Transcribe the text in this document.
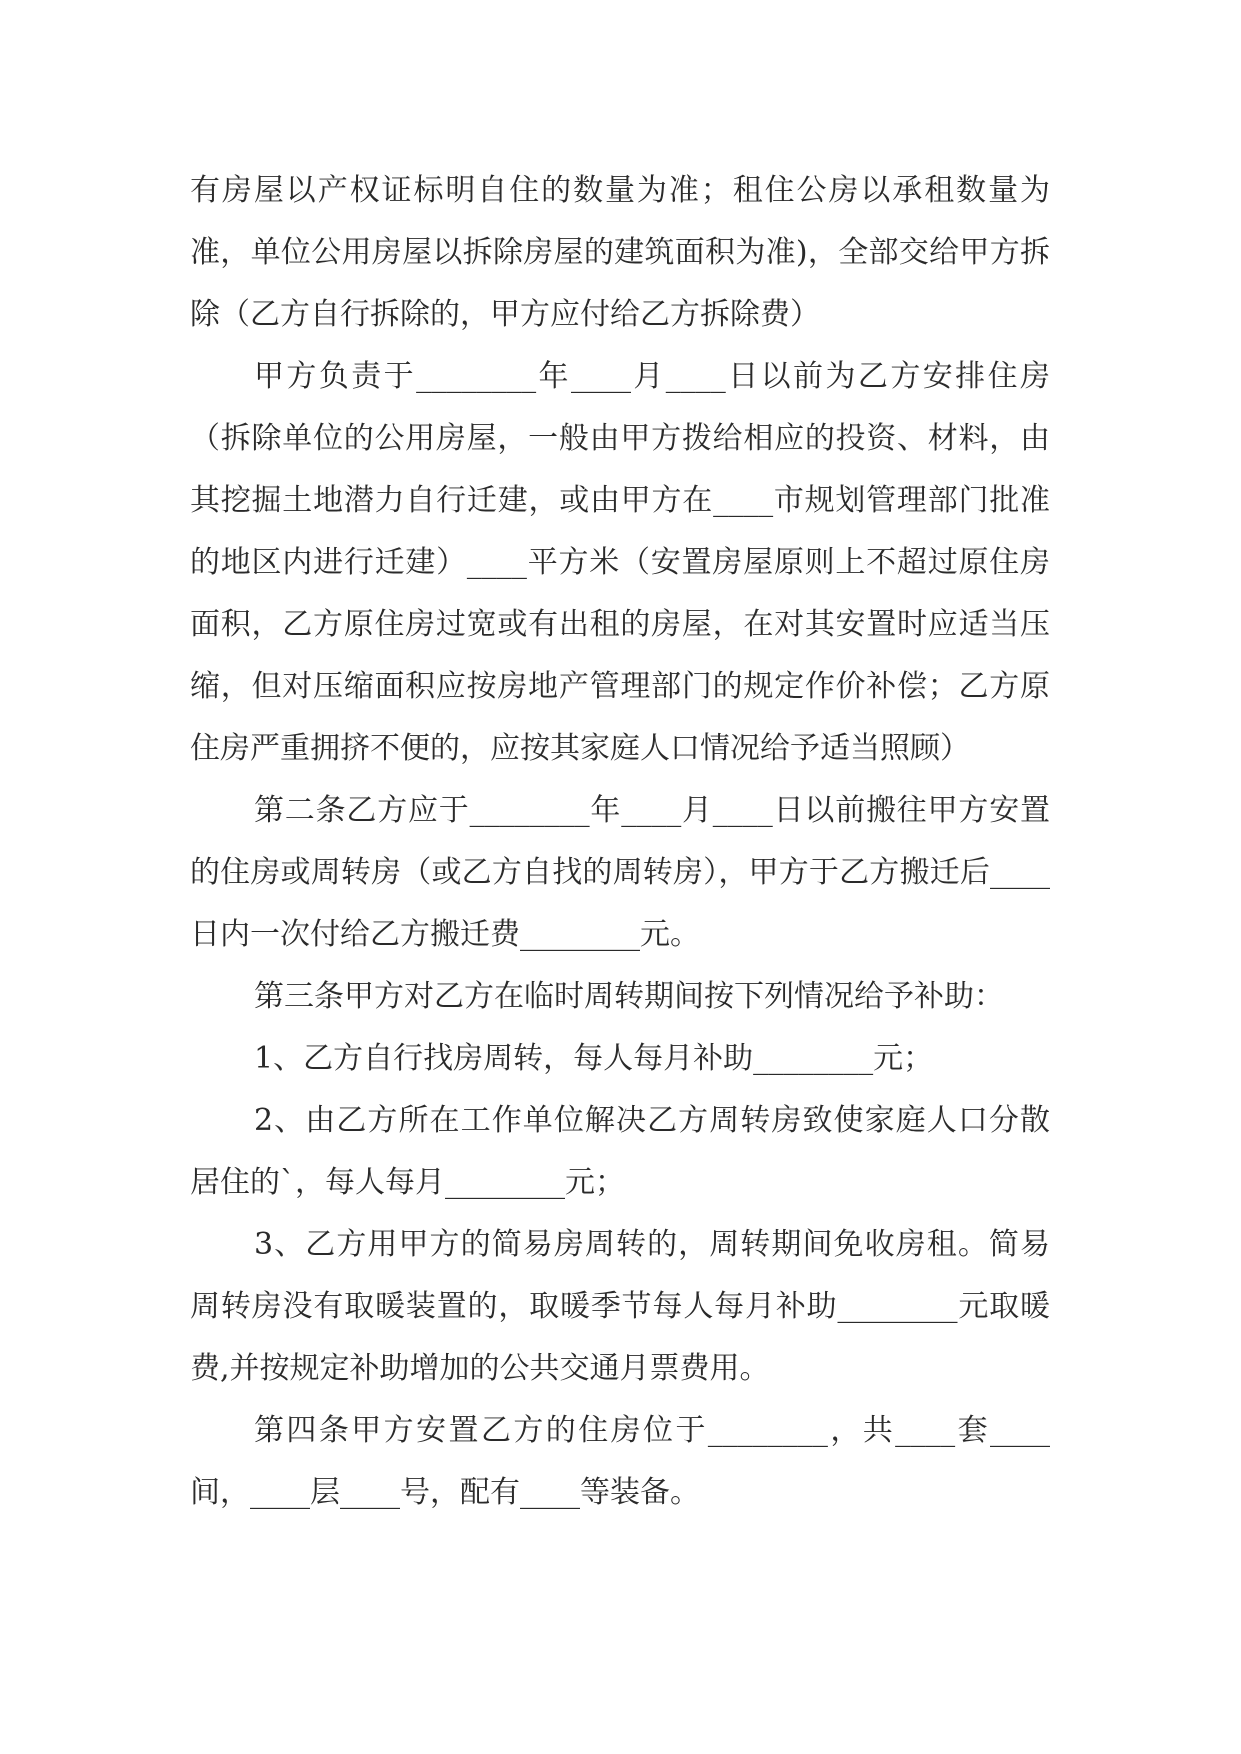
有房屋以产权证标明自住的数量为准；租住公房以承租数量为准，单位公用房屋以拆除房屋的建筑面积为准)，全部交给甲方拆除（乙方自行拆除的，甲方应付给乙方拆除费）

甲方负责于________年____月____日以前为乙方安排住房（拆除单位的公用房屋，一般由甲方拨给相应的投资、材料，由其挖掘土地潜力自行迁建，或由甲方在____市规划管理部门批准的地区内进行迁建）____平方米（安置房屋原则上不超过原住房面积，乙方原住房过宽或有出租的房屋，在对其安置时应适当压缩，但对压缩面积应按房地产管理部门的规定作价补偿；乙方原住房严重拥挤不便的，应按其家庭人口情况给予适当照顾）

第二条乙方应于________年____月____日以前搬往甲方安置的住房或周转房（或乙方自找的周转房），甲方于乙方搬迁后____日内一次付给乙方搬迁费________元。

第三条甲方对乙方在临时周转期间按下列情况给予补助：

1、乙方自行找房周转，每人每月补助________元；

2、由乙方所在工作单位解决乙方周转房致使家庭人口分散居住的`，每人每月________元；

3、乙方用甲方的简易房周转的，周转期间免收房租。简易周转房没有取暖装置的，取暖季节每人每月补助________元取暖费,并按规定补助增加的公共交通月票费用。

第四条甲方安置乙方的住房位于________，共____套____间，____层____号，配有____等装备。
